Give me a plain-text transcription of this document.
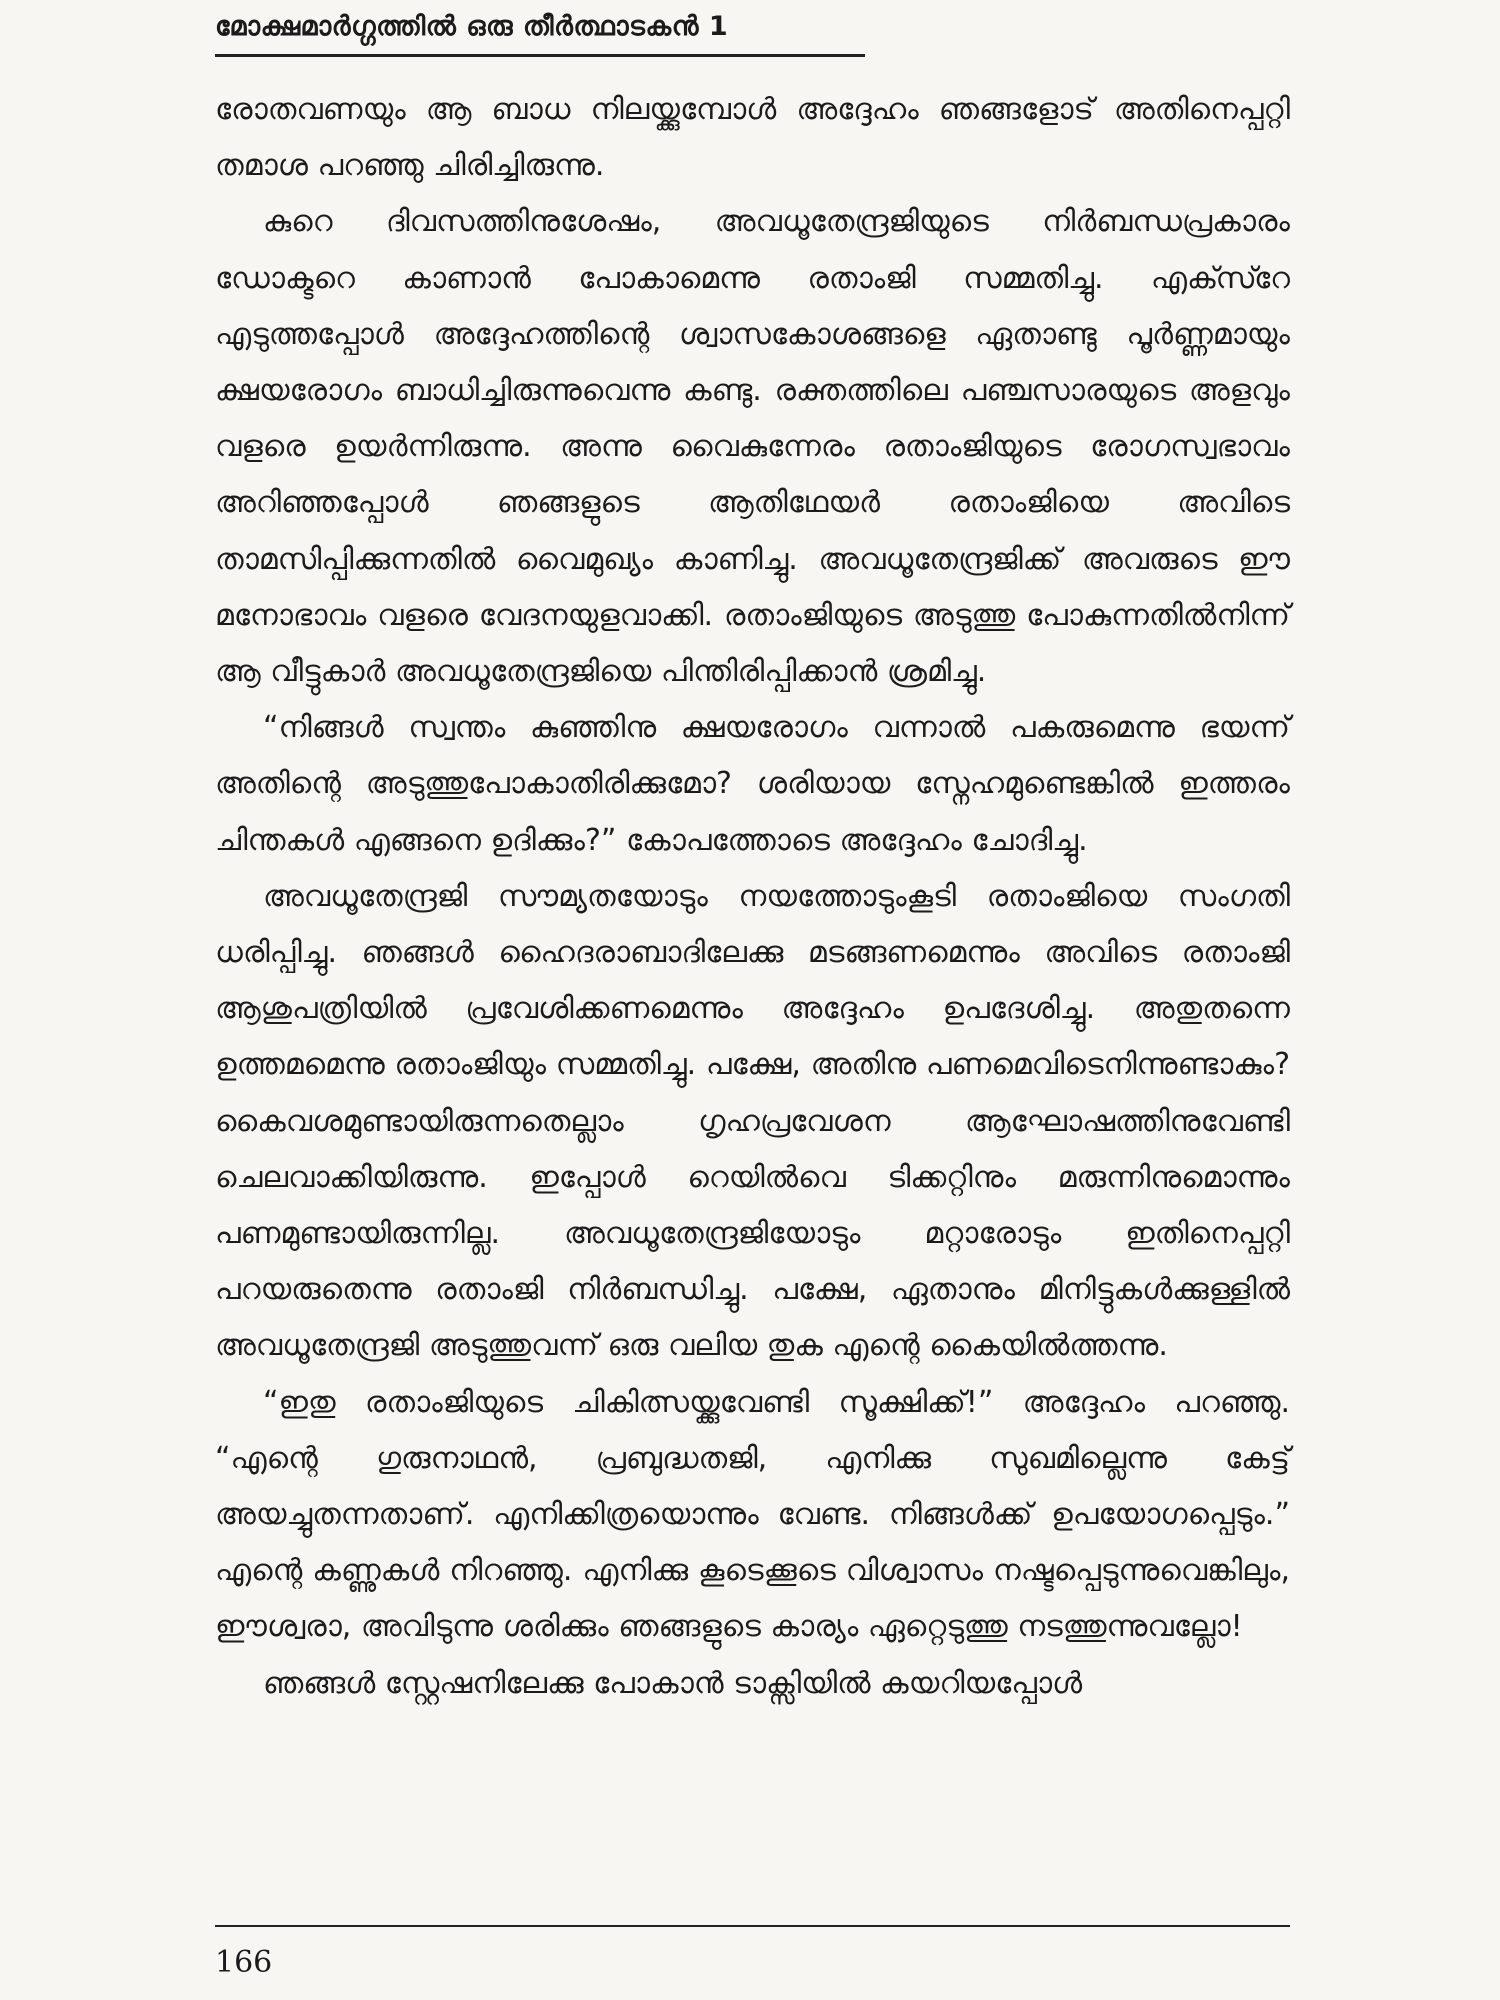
മോക്ഷമാർഗ്ഗത്തിൽ ഒരു തീർത്ഥാടകൻ 1

രോതവണയും ആ ബാധ നിലയ്ക്കുമ്പോൾ അദ്ദേഹം ഞങ്ങളോട് അതിനെപ്പറ്റി തമാശ പറഞ്ഞു ചിരിച്ചിരുന്നു.

കുറെ ദിവസത്തിനുശേഷം, അവധൂതേന്ദ്രജിയുടെ നിർബന്ധപ്രകാരം ഡോക്ടറെ കാണാൻ പോകാമെന്നു രതാംജി സമ്മതിച്ചു. എക്സ്റേ എടുത്തപ്പോൾ അദ്ദേഹത്തിന്റെ ശ്വാസകോശങ്ങളെ ഏതാണ്ടു പൂർണ്ണമായും ക്ഷയരോഗം ബാധിച്ചിരുന്നുവെന്നു കണ്ടു. രക്തത്തിലെ പഞ്ചസാരയുടെ അളവും വളരെ ഉയർന്നിരുന്നു. അന്നു വൈകുന്നേരം രതാംജിയുടെ രോഗസ്വഭാവം അറിഞ്ഞപ്പോൾ ഞങ്ങളുടെ ആതിഥേയർ രതാംജിയെ അവിടെ താമസിപ്പിക്കുന്നതിൽ വൈമുഖ്യം കാണിച്ചു. അവധൂതേന്ദ്രജിക്ക് അവരുടെ ഈ മനോഭാവം വളരെ വേദനയുളവാക്കി. രതാംജിയുടെ അടുത്തു പോകുന്നതിൽനിന്ന് ആ വീട്ടുകാർ അവധൂതേന്ദ്രജിയെ പിന്തിരിപ്പിക്കാൻ ശ്രമിച്ചു.

“നിങ്ങൾ സ്വന്തം കുഞ്ഞിനു ക്ഷയരോഗം വന്നാൽ പകരുമെന്നു ഭയന്ന് അതിന്റെ അടുത്തുപോകാതിരിക്കുമോ? ശരിയായ സ്നേഹമുണ്ടെങ്കിൽ ഇത്തരം ചിന്തകൾ എങ്ങനെ ഉദിക്കും?” കോപത്തോടെ അദ്ദേഹം ചോദിച്ചു.

അവധൂതേന്ദ്രജി സൗമ്യതയോടും നയത്തോടുംകൂടി രതാംജിയെ സംഗതി ധരിപ്പിച്ചു. ഞങ്ങൾ ഹൈദരാബാദിലേക്കു മടങ്ങണമെന്നും അവിടെ രതാംജി ആശുപത്രിയിൽ പ്രവേശിക്കണമെന്നും അദ്ദേഹം ഉപദേശിച്ചു. അതുതന്നെ ഉത്തമമെന്നു രതാംജിയും സമ്മതിച്ചു. പക്ഷേ, അതിനു പണമെവിടെനിന്നുണ്ടാകും? കൈവശമുണ്ടായിരുന്നതെല്ലാം ഗൃഹപ്രവേശന ആഘോഷത്തിനുവേണ്ടി ചെലവാക്കിയിരുന്നു. ഇപ്പോൾ റെയിൽവെ ടിക്കറ്റിനും മരുന്നിനുമൊന്നും പണമുണ്ടായിരുന്നില്ല. അവധൂതേന്ദ്രജിയോടും മറ്റാരോടും ഇതിനെപ്പറ്റി പറയരുതെന്നു രതാംജി നിർബന്ധിച്ചു. പക്ഷേ, ഏതാനും മിനിട്ടുകൾക്കുള്ളിൽ അവധൂതേന്ദ്രജി അടുത്തുവന്ന് ഒരു വലിയ തുക എന്റെ കൈയിൽത്തന്നു.

“ഇതു രതാംജിയുടെ ചികിത്സയ്ക്കുവേണ്ടി സൂക്ഷിക്ക്!” അദ്ദേഹം പറഞ്ഞു. “എന്റെ ഗുരുനാഥൻ, പ്രബുദ്ധതജി, എനിക്കു സുഖമില്ലെന്നു കേട്ട് അയച്ചുതന്നതാണ്. എനിക്കിത്രയൊന്നും വേണ്ട. നിങ്ങൾക്ക് ഉപയോഗപ്പെടും.” എന്റെ കണ്ണുകൾ നിറഞ്ഞു. എനിക്കു കൂടെക്കൂടെ വിശ്വാസം നഷ്ടപ്പെടുന്നുവെങ്കിലും, ഈശ്വരാ, അവിടുന്നു ശരിക്കും ഞങ്ങളുടെ കാര്യം ഏറ്റെടുത്തു നടത്തുന്നുവല്ലോ!

ഞങ്ങൾ സ്റ്റേഷനിലേക്കു പോകാൻ ടാക്സിയിൽ കയറിയപ്പോൾ

166
